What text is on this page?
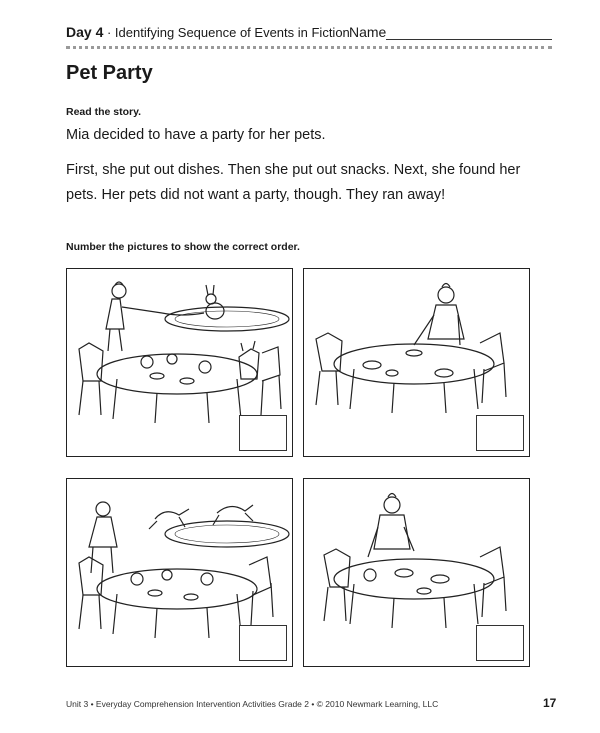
Day 4 · Identifying Sequence of Events in Fiction Name
Pet Party
Read the story.
Mia decided to have a party for her pets.
First, she put out dishes. Then she put out snacks. Next, she found her pets. Her pets did not want a party, though. They ran away!
Number the pictures to show the correct order.
Unit 3 • Everyday Comprehension Intervention Activities Grade 2 • © 2010 Newmark Learning, LLC	17
